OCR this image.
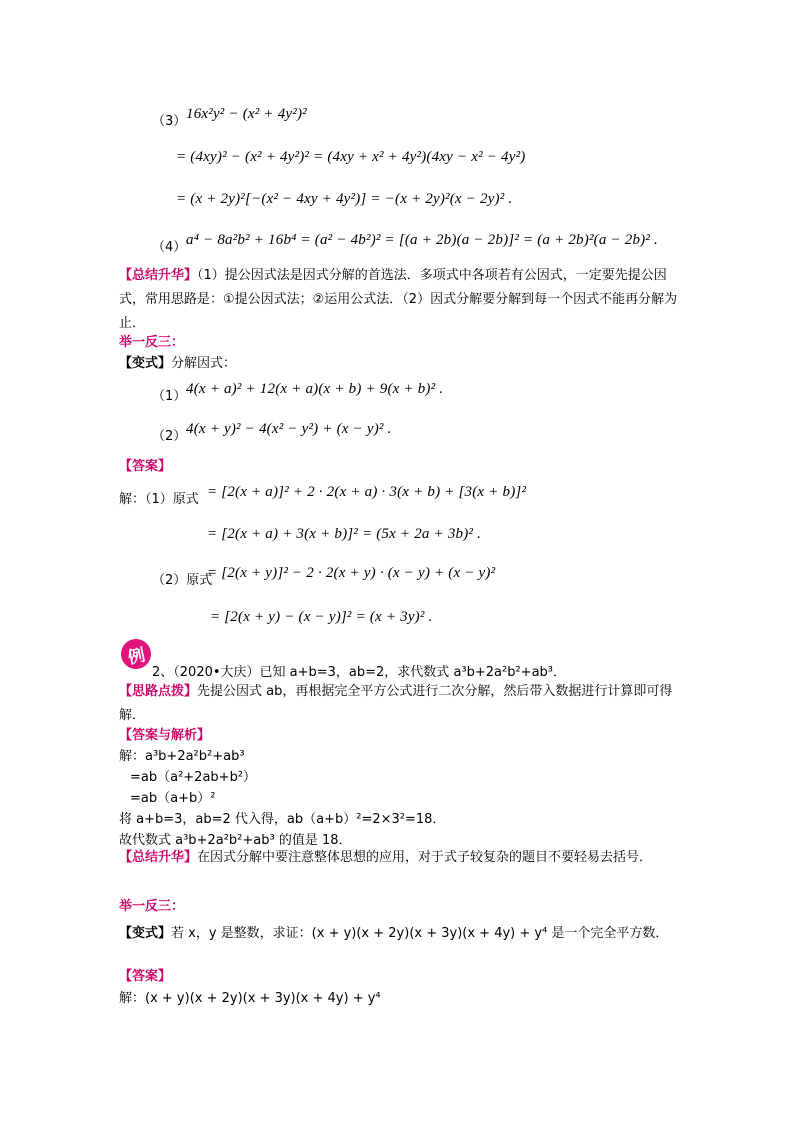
（3） 16x²y² − (x² + 4y²)²
= (4xy)² − (x² + 4y²)² = (4xy + x² + 4y²)(4xy − x² − 4y²)
= (x + 2y)²[−(x² − 4xy + 4y²)] = −(x + 2y)²(x − 2y)² .
（4） a⁴ − 8a²b² + 16b⁴ = (a² − 4b²)² = [(a + 2b)(a − 2b)]² = (a + 2b)²(a − 2b)² .
【总结升华】（1）提公因式法是因式分解的首选法．多项式中各项若有公因式，一定要先提公因式，常用思路是：①提公因式法；②运用公式法．（2）因式分解要分解到每一个因式不能再分解为止．
举一反三：
【变式】分解因式：
（1） 4(x + a)² + 12(x + a)(x + b) + 9(x + b)² .
（2） 4(x + y)² − 4(x² − y²) + (x − y)² .
【答案】
解：（1）原式 = [2(x + a)]² + 2 · 2(x + a) · 3(x + b) + [3(x + b)]²
= [2(x + a) + 3(x + b)]² = (5x + 2a + 3b)² .
（2）原式
= [2(x + y)]² − 2 · 2(x + y) · (x − y) + (x − y)²
= [2(x + y) − (x − y)]² = (x + 3y)² .
例
2、（2020•大庆）已知 a+b=3，ab=2，求代数式 a³b+2a²b²+ab³．
【思路点拨】先提公因式 ab，再根据完全平方公式进行二次分解，然后带入数据进行计算即可得解．
【答案与解析】
解：a³b+2a²b²+ab³
=ab（a²+2ab+b²）
=ab（a+b）²
将 a+b=3，ab=2 代入得，ab（a+b）²=2×3²=18．
故代数式 a³b+2a²b²+ab³ 的值是 18．
【总结升华】在因式分解中要注意整体思想的应用，对于式子较复杂的题目不要轻易去括号．
举一反三：
【变式】若 x，y 是整数，求证：(x + y)(x + 2y)(x + 3y)(x + 4y) + y⁴ 是一个完全平方数．
【答案】
解：(x + y)(x + 2y)(x + 3y)(x + 4y) + y⁴
